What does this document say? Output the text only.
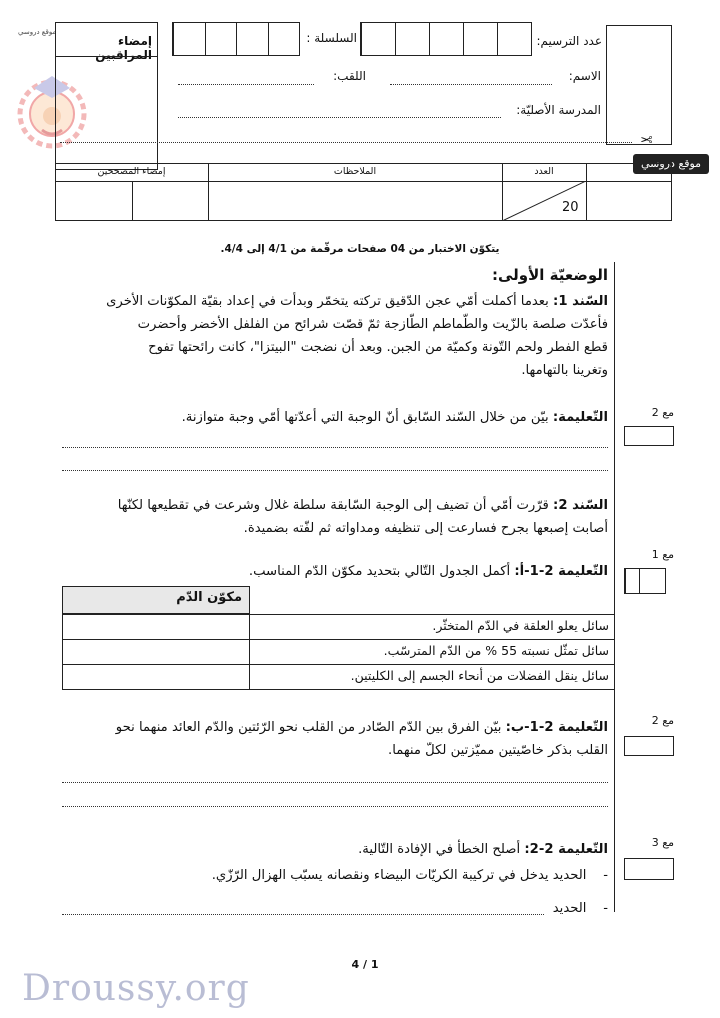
موقع دروسي
إمضاء المراقبين
السلسلة :	عدد الترسيم:
الاسم:
اللقب:
المدرسة الأصليّة:
✂
موقع دروسي
إمضاء المصححين	الملاحظات	العدد
20
يتكوّن الاختبار من 04 صفحات مرقّمة من 4/1 إلى 4/4.
الوضعيّة الأولى:
السّند 1: بعدما أكملت أمّي عجن الدّقيق تركته يتخمّر وبدأت في إعداد بقيّة المكوّنات الأخرى
فأعدّت صلصة بالزّيت والطّماطم الطّازجة ثمّ قصّت شرائح من الفلفل الأخضر وأحضرت
قطع الفطر ولحم التّونة وكميّة من الجبن. وبعد أن نضجت "البيتزا"، كانت رائحتها تفوح
وتغرينا بالتهامها.
التّعليمة: بيّن من خلال السّند السّابق أنّ الوجبة التي أعدّتها أمّي وجبة متوازنة.	مع 2
السّند 2: قرّرت أمّي أن تضيف إلى الوجبة السّابقة سلطة غلال وشرعت في تقطيعها لكنّها
أصابت إصبعها بجرح فسارعت إلى تنظيفه ومداواته ثم لفّته بضميدة.
التّعليمة 2-1-أ: أكمل الجدول التّالي بتحديد مكوّن الدّم المناسب.
مع 1
مكوّن الدّم
سائل يعلو العلقة في الدّم المتخثّر.
سائل تمثّل نسبته 55 % من الدّم المترسّب.
سائل ينقل الفضلات من أنحاء الجسم إلى الكليتين.
التّعليمة 2-1-ب: بيّن الفرق بين الدّم الصّادر من القلب نحو الرّئتين والدّم العائد منهما نحو
القلب بذكر خاصّيتين مميّزتين لكلّ منهما.
مع 2
التّعليمة 2-2: أصلح الخطأ في الإفادة التّالية.	مع 3
-    الحديد يدخل في تركيبة الكريّات البيضاء ونقصانه يسبّب الهزال الرّزّي.
-    الحديد
4 / 1
Droussy.org
